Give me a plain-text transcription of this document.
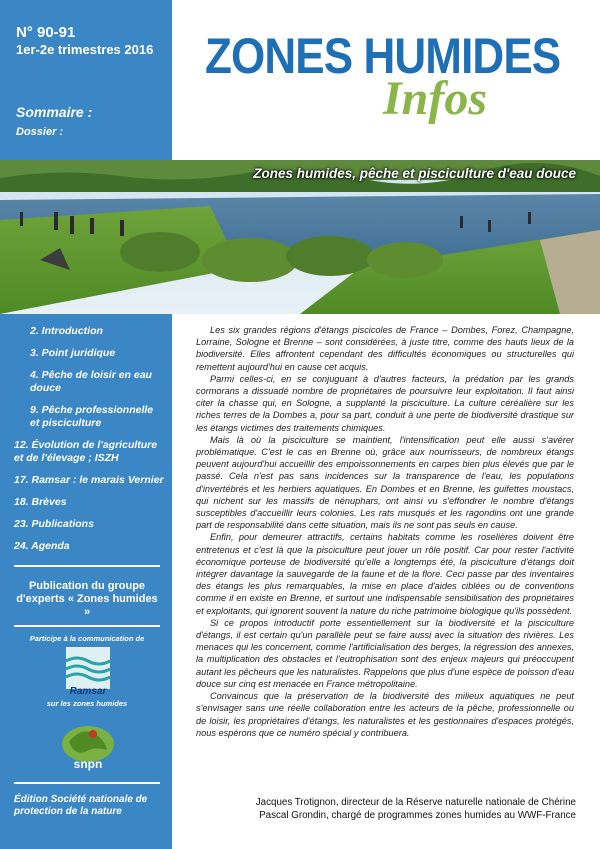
N° 90-91
1er-2e trimestres 2016
Sommaire :
Dossier :
ZONES HUMIDES
Infos
Zones humides, pêche et pisciculture d'eau douce
2. Introduction
3. Point juridique
4. Pêche de loisir en eau douce
9. Pêche professionnelle et pisciculture
12. Évolution de l'agriculture et de l'élevage ; ISZH
17. Ramsar : le marais Vernier
18. Brèves
23. Publications
24. Agenda
Publication du groupe d'experts « Zones humides »
Participe à la communication de
Ramsar
sur les zones humides
snpn
Édition Société nationale de protection de la nature

Les six grandes régions d'étangs piscicoles de France – Dombes, Forez, Champagne, Lorraine, Sologne et Brenne – sont considérées, à juste titre, comme des hauts lieux de la biodiversité. Elles affrontent cependant des difficultés économiques ou structurelles qui remettent aujourd'hui en cause cet acquis.

Parmi celles-ci, en se conjuguant à d'autres facteurs, la prédation par les grands cormorans a dissuadé nombre de propriétaires de poursuivre leur exploitation. Il faut ainsi citer la chasse qui, en Sologne, a supplanté la pisciculture. La culture céréalière sur les riches terres de la Dombes a, pour sa part, conduit à une perte de biodiversité drastique sur les étangs victimes des traitements chimiques.

Mais là où la pisciculture se maintient, l'intensification peut elle aussi s'avérer problématique. C'est le cas en Brenne où, grâce aux nourrisseurs, de nombreux étangs peuvent aujourd'hui accueillir des empoissonnements en carpes bien plus élevés que par le passé. Cela n'est pas sans incidences sur la transparence de l'eau, les populations d'invertébrés et les herbiers aquatiques. En Dombes et en Brenne, les guifettes moustacs, qui nichent sur les massifs de nénuphars, ont ainsi vu s'effondrer le nombre d'étangs susceptibles d'accueillir leurs colonies. Les rats musqués et les ragondins ont une grande part de responsabilité dans cette situation, mais ils ne sont pas seuls en cause.

Enfin, pour demeurer attractifs, certains habitats comme les roselières doivent être entretenus et c'est là que la pisciculture peut jouer un rôle positif. Car pour rester l'activité économique porteuse de biodiversité qu'elle a longtemps été, la pisciculture d'étangs doit intégrer davantage la sauvegarde de la faune et de la flore. Ceci passe par des inventaires des étangs les plus remarquables, la mise en place d'aides ciblées ou de conventions comme il en existe en Brenne, et surtout une indispensable sensibilisation des propriétaires et exploitants, qui ignorent souvent la nature du riche patrimoine biologique qu'ils possèdent.

Si ce propos introductif porte essentiellement sur la biodiversité et la pisciculture d'étangs, il est certain qu'un parallèle peut se faire aussi avec la situation des rivières. Les menaces qui les concernent, comme l'artificialisation des berges, la régression des annexes, la multiplication des obstacles et l'eutrophisation sont des enjeux majeurs qui préoccupent autant les pêcheurs que les naturalistes. Rappelons que plus d'une espèce de poisson d'eau douce sur cinq est menacée en France métropolitaine.

Convaincus que la préservation de la biodiversité des milieux aquatiques ne peut s'envisager sans une réelle collaboration entre les acteurs de la pêche, professionnelle ou de loisir, les propriétaires d'étangs, les naturalistes et les gestionnaires d'espaces protégés, nous espérons que ce numéro spécial y contribuera.

Jacques Trotignon, directeur de la Réserve naturelle nationale de Chérine
Pascal Grondin, chargé de programmes zones humides au WWF-France
